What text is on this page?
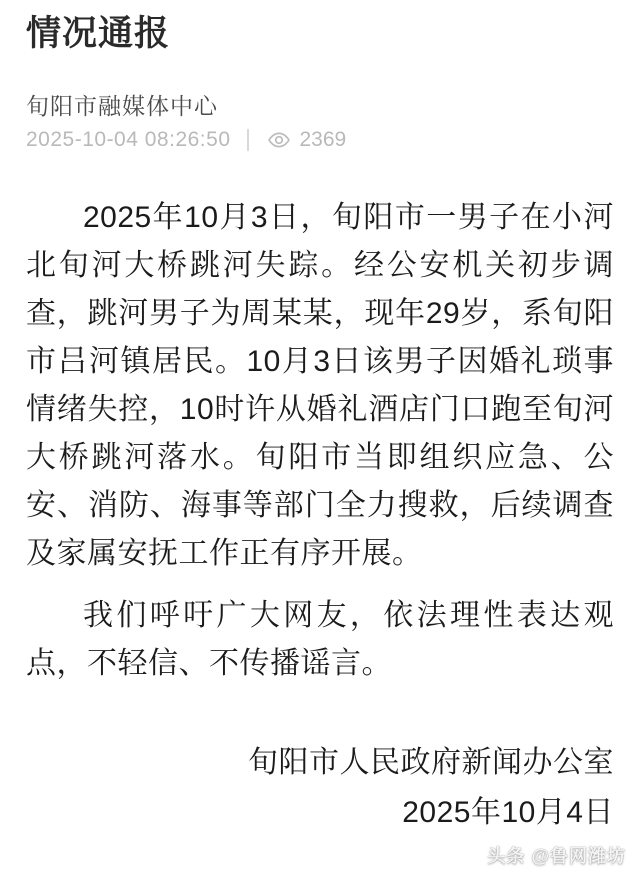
情况通报
旬阳市融媒体中心
2025-10-04 08:26:50	2369

2025年10月3日，旬阳市一男子在小河北旬河大桥跳河失踪。经公安机关初步调查，跳河男子为周某某，现年29岁，系旬阳市吕河镇居民。10月3日该男子因婚礼琐事情绪失控，10时许从婚礼酒店门口跑至旬河大桥跳河落水。旬阳市当即组织应急、公安、消防、海事等部门全力搜救，后续调查及家属安抚工作正有序开展。

我们呼吁广大网友，依法理性表达观点，不轻信、不传播谣言。

旬阳市人民政府新闻办公室
2025年10月4日
头条 @鲁网潍坊
